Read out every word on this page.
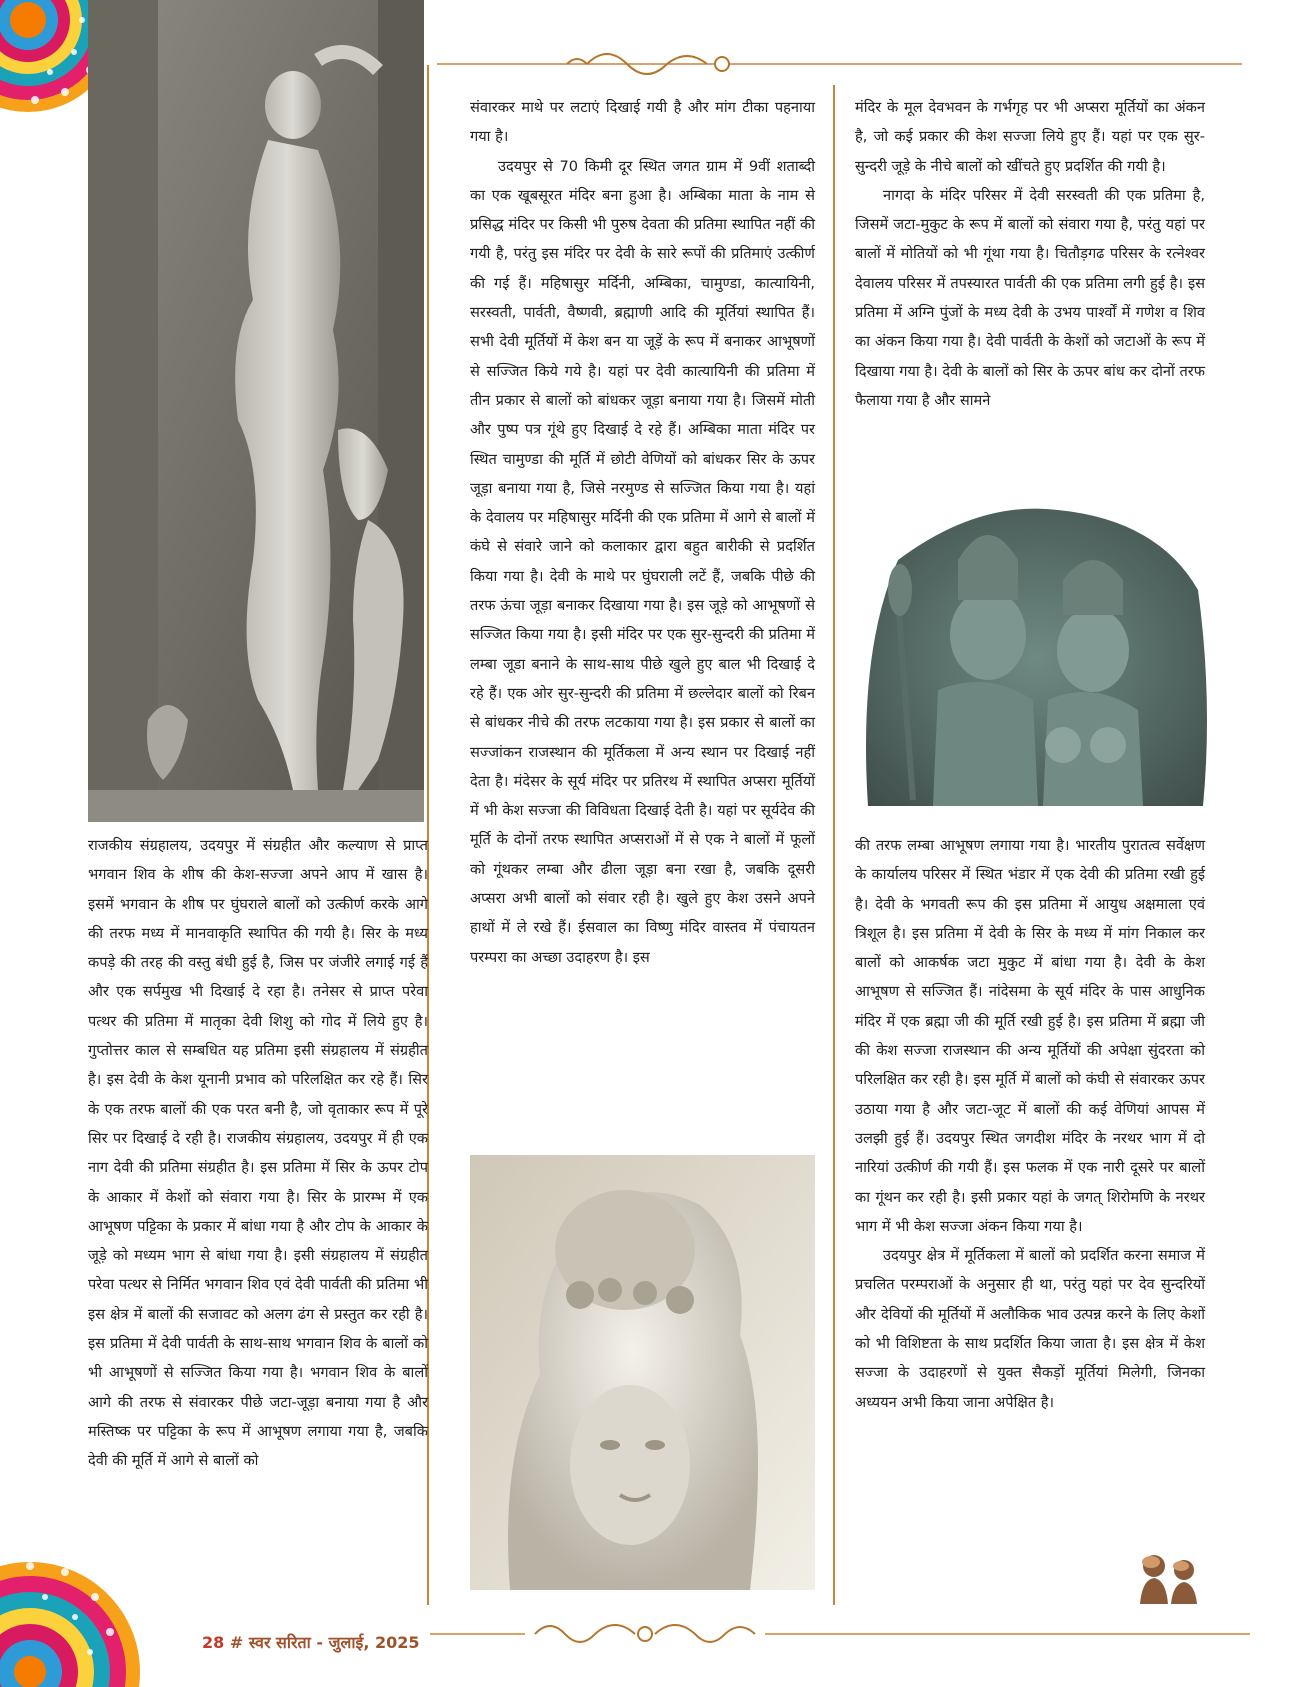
राजकीय संग्रहालय, उदयपुर में संग्रहीत और कल्याण से प्राप्त भगवान शिव के शीष की केश-सज्जा अपने आप में खास है। इसमें भगवान के शीष पर घुंघराले बालों को उत्कीर्ण करके आगे की तरफ मध्य में मानवाकृति स्थापित की गयी है। सिर के मध्य कपड़े की तरह की वस्तु बंधी हुई है, जिस पर जंजीरे लगाई गई हैं और एक सर्पमुख भी दिखाई दे रहा है। तनेसर से प्राप्त परेवा पत्थर की प्रतिमा में मातृका देवी शिशु को गोद में लिये हुए है। गुप्तोत्तर काल से सम्बधित यह प्रतिमा इसी संग्रहालय में संग्रहीत है। इस देवी के केश यूनानी प्रभाव को परिलक्षित कर रहे हैं। सिर के एक तरफ बालों की एक परत बनी है, जो वृताकार रूप में पूरे सिर पर दिखाई दे रही है। राजकीय संग्रहालय, उदयपुर में ही एक नाग देवी की प्रतिमा संग्रहीत है। इस प्रतिमा में सिर के ऊपर टोप के आकार में केशों को संवारा गया है। सिर के प्रारम्भ में एक आभूषण पट्टिका के प्रकार में बांधा गया है और टोप के आकार के जूड़े को मध्यम भाग से बांधा गया है। इसी संग्रहालय में संग्रहीत परेवा पत्थर से निर्मित भगवान शिव एवं देवी पार्वती की प्रतिमा भी इस क्षेत्र में बालों की सजावट को अलग ढंग से प्रस्तुत कर रही है। इस प्रतिमा में देवी पार्वती के साथ-साथ भगवान शिव के बालों को भी आभूषणों से सज्जित किया गया है। भगवान शिव के बालों आगे की तरफ से संवारकर पीछे जटा-जूड़ा बनाया गया है और मस्तिष्क पर पट्टिका के रूप में आभूषण लगाया गया है, जबकि देवी की मूर्ति में आगे से बालों को

संवारकर माथे पर लटाएं दिखाई गयी है और मांग टीका पहनाया गया है।

उदयपुर से 70 किमी दूर स्थित जगत ग्राम में 9वीं शताब्दी का एक खूबसूरत मंदिर बना हुआ है। अम्बिका माता के नाम से प्रसिद्ध मंदिर पर किसी भी पुरुष देवता की प्रतिमा स्थापित नहीं की गयी है, परंतु इस मंदिर पर देवी के सारे रूपों की प्रतिमाएं उत्कीर्ण की गई हैं। महिषासुर मर्दिनी, अम्बिका, चामुण्डा, कात्यायिनी, सरस्वती, पार्वती, वैष्णवी, ब्रह्माणी आदि की मूर्तियां स्थापित हैं। सभी देवी मूर्तियों में केश बन या जूड़ें के रूप में बनाकर आभूषणों से सज्जित किये गये है। यहां पर देवी कात्यायिनी की प्रतिमा में तीन प्रकार से बालों को बांधकर जूड़ा बनाया गया है। जिसमें मोती और पुष्प पत्र गूंथे हुए दिखाई दे रहे हैं। अम्बिका माता मंदिर पर स्थित चामुण्डा की मूर्ति में छोटी वेणियों को बांधकर सिर के ऊपर जूड़ा बनाया गया है, जिसे नरमुण्ड से सज्जित किया गया है। यहां के देवालय पर महिषासुर मर्दिनी की एक प्रतिमा में आगे से बालों में कंघे से संवारे जाने को कलाकार द्वारा बहुत बारीकी से प्रदर्शित किया गया है। देवी के माथे पर घुंघराली लटें हैं, जबकि पीछे की तरफ ऊंचा जूड़ा बनाकर दिखाया गया है। इस जूड़े को आभूषणों से सज्जित किया गया है। इसी मंदिर पर एक सुर-सुन्दरी की प्रतिमा में लम्बा जूडा बनाने के साथ-साथ पीछे खुले हुए बाल भी दिखाई दे रहे हैं। एक ओर सुर-सुन्दरी की प्रतिमा में छल्लेदार बालों को रिबन से बांधकर नीचे की तरफ लटकाया गया है। इस प्रकार से बालों का सज्जांकन राजस्थान की मूर्तिकला में अन्य स्थान पर दिखाई नहीं देता है। मंदेसर के सूर्य मंदिर पर प्रतिरथ में स्थापित अप्सरा मूर्तियों में भी केश सज्जा की विविधता दिखाई देती है। यहां पर सूर्यदेव की मूर्ति के दोनों तरफ स्थापित अप्सराओं में से एक ने बालों में फूलों को गूंथकर लम्बा और ढीला जूड़ा बना रखा है, जबकि दूसरी अप्सरा अभी बालों को संवार रही है। खुले हुए केश उसने अपने हाथों में ले रखे हैं। ईसवाल का विष्णु मंदिर वास्तव में पंचायतन परम्परा का अच्छा उदाहरण है। इस

मंदिर के मूल देवभवन के गर्भगृह पर भी अप्सरा मूर्तियों का अंकन है, जो कई प्रकार की केश सज्जा लिये हुए हैं। यहां पर एक सुर-सुन्दरी जूड़े के नीचे बालों को खींचते हुए प्रदर्शित की गयी है।

नागदा के मंदिर परिसर में देवी सरस्वती की एक प्रतिमा है, जिसमें जटा-मुकुट के रूप में बालों को संवारा गया है, परंतु यहां पर बालों में मोतियों को भी गूंथा गया है। चितौड़गढ परिसर के रत्नेश्वर देवालय परिसर में तपस्यारत पार्वती की एक प्रतिमा लगी हुई है। इस प्रतिमा में अग्नि पुंजों के मध्य देवी के उभय पार्श्वों में गणेश व शिव का अंकन किया गया है। देवी पार्वती के केशों को जटाओं के रूप में दिखाया गया है। देवी के बालों को सिर के ऊपर बांध कर दोनों तरफ फैलाया गया है और सामने

की तरफ लम्बा आभूषण लगाया गया है। भारतीय पुरातत्व सर्वेक्षण के कार्यालय परिसर में स्थित भंडार में एक देवी की प्रतिमा रखी हुई है। देवी के भगवती रूप की इस प्रतिमा में आयुध अक्षमाला एवं त्रिशूल है। इस प्रतिमा में देवी के सिर के मध्य में मांग निकाल कर बालों को आकर्षक जटा मुकुट में बांधा गया है। देवी के केश आभूषण से सज्जित हैं। नांदेसमा के सूर्य मंदिर के पास आधुनिक मंदिर में एक ब्रह्मा जी की मूर्ति रखी हुई है। इस प्रतिमा में ब्रह्मा जी की केश सज्जा राजस्थान की अन्य मूर्तियों की अपेक्षा सुंदरता को परिलक्षित कर रही है। इस मूर्ति में बालों को कंघी से संवारकर ऊपर उठाया गया है और जटा-जूट में बालों की कई वेणियां आपस में उलझी हुई हैं। उदयपुर स्थित जगदीश मंदिर के नरथर भाग में दो नारियां उत्कीर्ण की गयी हैं। इस फलक में एक नारी दूसरे पर बालों का गूंथन कर रही है। इसी प्रकार यहां के जगत् शिरोमणि के नरथर भाग में भी केश सज्जा अंकन किया गया है।

उदयपुर क्षेत्र में मूर्तिकला में बालों को प्रदर्शित करना समाज में प्रचलित परम्पराओं के अनुसार ही था, परंतु यहां पर देव सुन्दरियों और देवियों की मूर्तियों में अलौकिक भाव उत्पन्न करने के लिए केशों को भी विशिष्टता के साथ प्रदर्शित किया जाता है। इस क्षेत्र में केश सज्जा के उदाहरणों से युक्त सैकड़ों मूर्तियां मिलेगी, जिनका अध्ययन अभी किया जाना अपेक्षित है।

28 # स्वर सरिता - जुलाई, 2025
